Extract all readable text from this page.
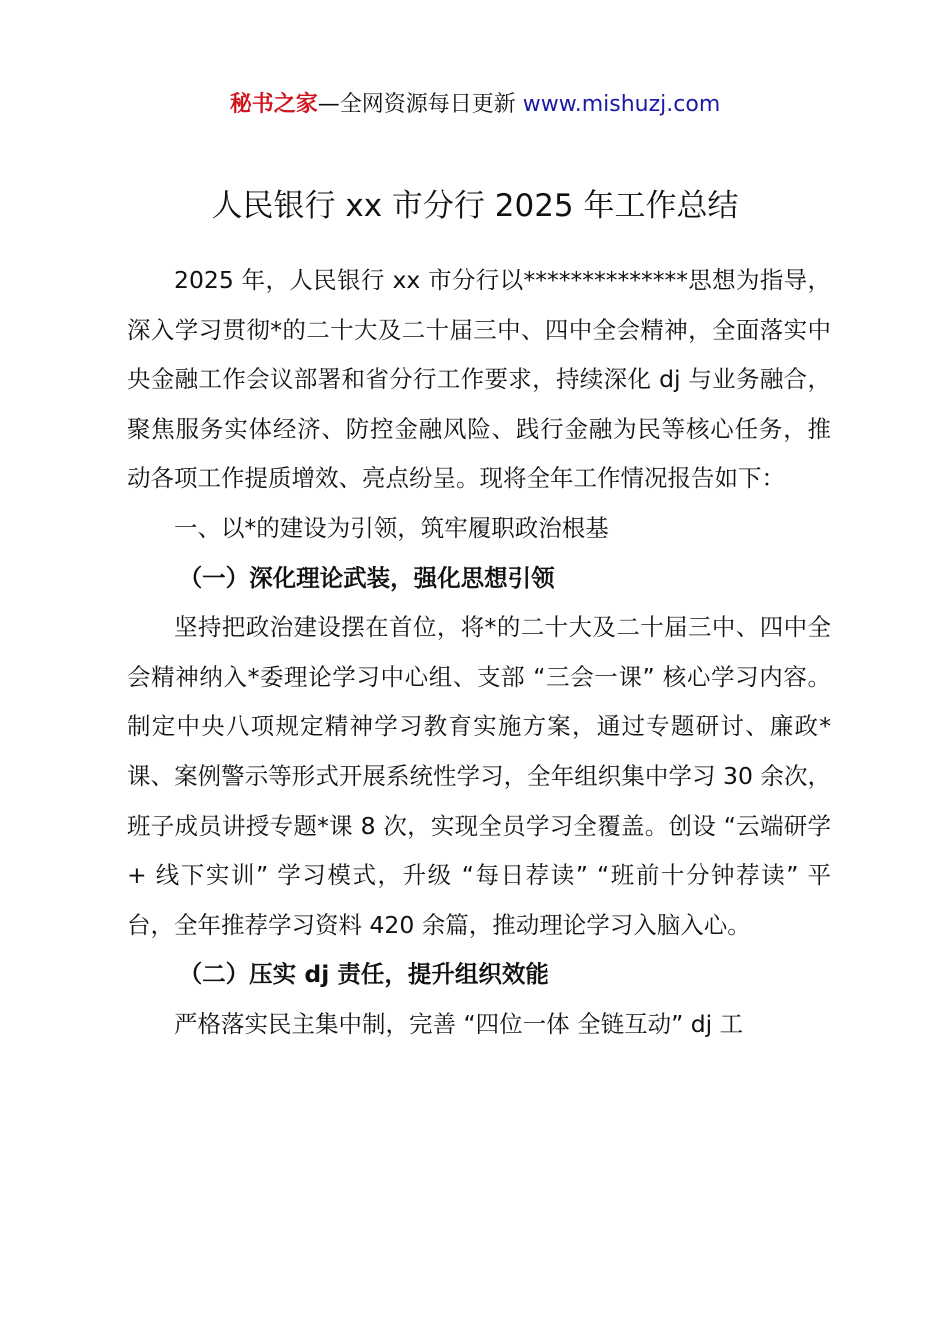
秘书之家—全网资源每日更新 www.mishuzj.com
人民银行 xx 市分行 2025 年工作总结

2025 年，人民银行 xx 市分行以**************思想为指导，深入学习贯彻*的二十大及二十届三中、四中全会精神，全面落实中央金融工作会议部署和省分行工作要求，持续深化 dj 与业务融合，聚焦服务实体经济、防控金融风险、践行金融为民等核心任务，推动各项工作提质增效、亮点纷呈。现将全年工作情况报告如下：

一、以*的建设为引领，筑牢履职政治根基

（一）深化理论武装，强化思想引领

坚持把政治建设摆在首位，将*的二十大及二十届三中、四中全会精神纳入*委理论学习中心组、支部 “三会一课” 核心学习内容。制定中央八项规定精神学习教育实施方案，通过专题研讨、廉政*课、案例警示等形式开展系统性学习，全年组织集中学习 30 余次，班子成员讲授专题*课 8 次，实现全员学习全覆盖。创设 “云端研学 + 线下实训” 学习模式，升级 “每日荐读” “班前十分钟荐读” 平台，全年推荐学习资料 420 余篇，推动理论学习入脑入心。

（二）压实 dj 责任，提升组织效能

严格落实民主集中制，完善 “四位一体 全链互动” dj 工
